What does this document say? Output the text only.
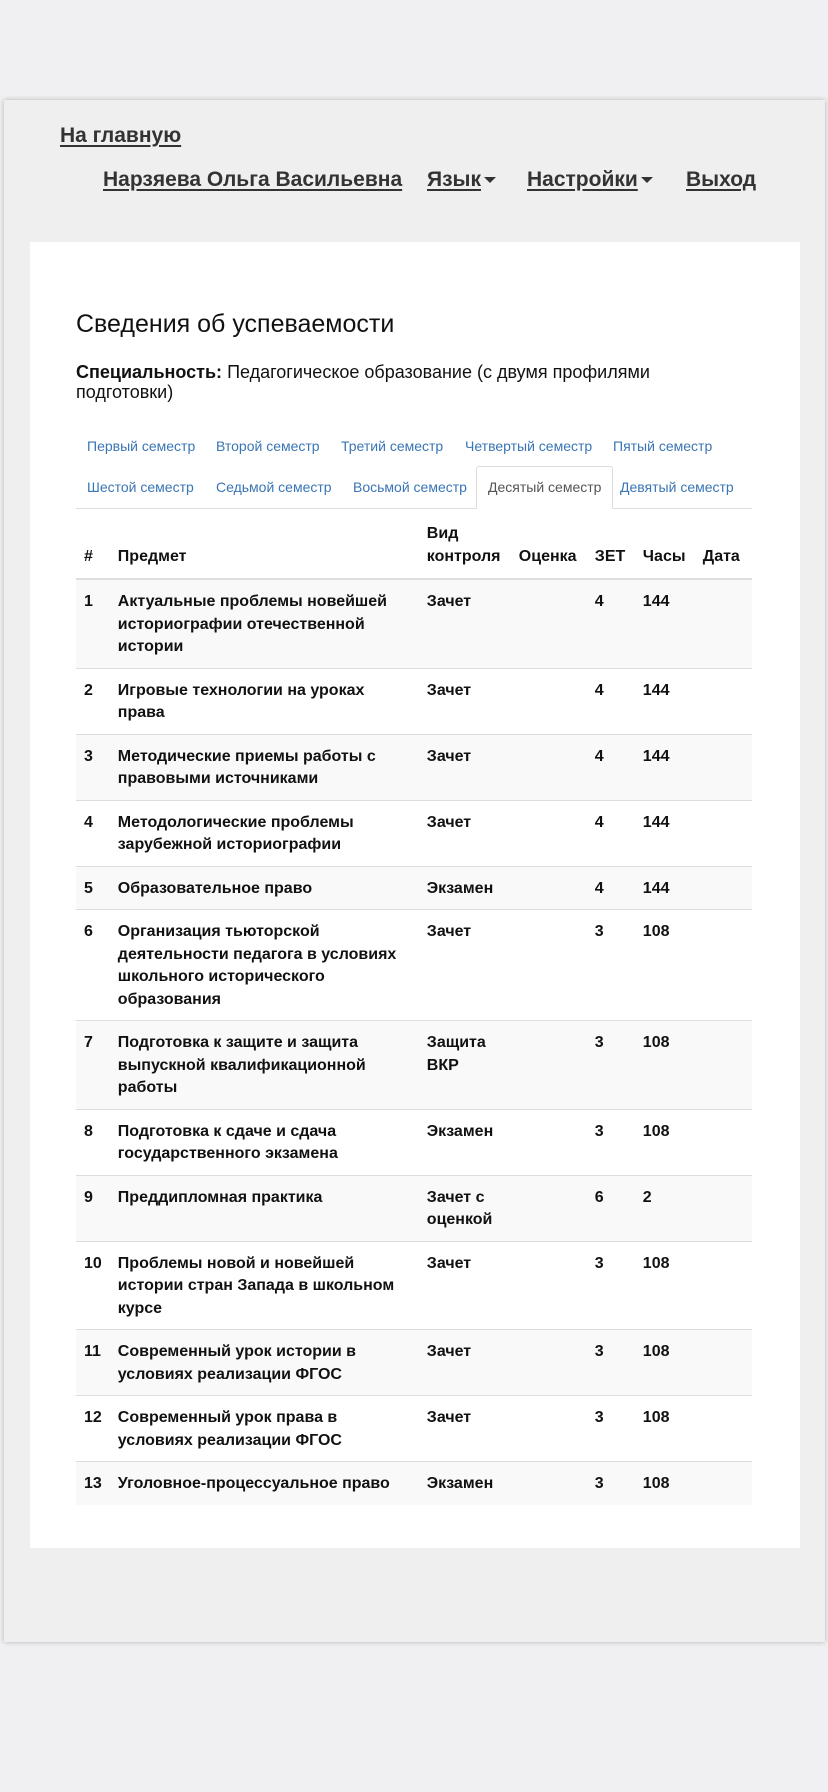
На главную
Нарзяева Ольга Васильевна Язык	Настройки	Выход
Сведения об успеваемости
Специальность: Педагогическое образование (с двумя профилями подготовки)
Первый семестр	Второй семестр	Третий семестр	Четвертый семестр	Пятый семестр
Шестой семестр	Седьмой семестр	Восьмой семестр	Десятый семестр	Девятый семестр
#	Предмет	Вид контроля	Оценка	ЗЕТ	Часы	Дата
1	Актуальные проблемы новейшей историографии отечественной истории	Зачет		4	144	
2	Игровые технологии на уроках права	Зачет		4	144	
3	Методические приемы работы с правовыми источниками	Зачет		4	144	
4	Методологические проблемы зарубежной историографии	Зачет		4	144	
5	Образовательное право	Экзамен		4	144	
6	Организация тьюторской деятельности педагога в условиях школьного исторического образования	Зачет		3	108	
7	Подготовка к защите и защита выпускной квалификационной работы	Защита ВКР		3	108	
8	Подготовка к сдаче и сдача государственного экзамена	Экзамен		3	108	
9	Преддипломная практика	Зачет с оценкой		6	2	
10	Проблемы новой и новейшей истории стран Запада в школьном курсе	Зачет		3	108	
11	Современный урок истории в условиях реализации ФГОС	Зачет		3	108	
12	Современный урок права в условиях реализации ФГОС	Зачет		3	108	
13	Уголовное-процессуальное право	Экзамен		3	108	
